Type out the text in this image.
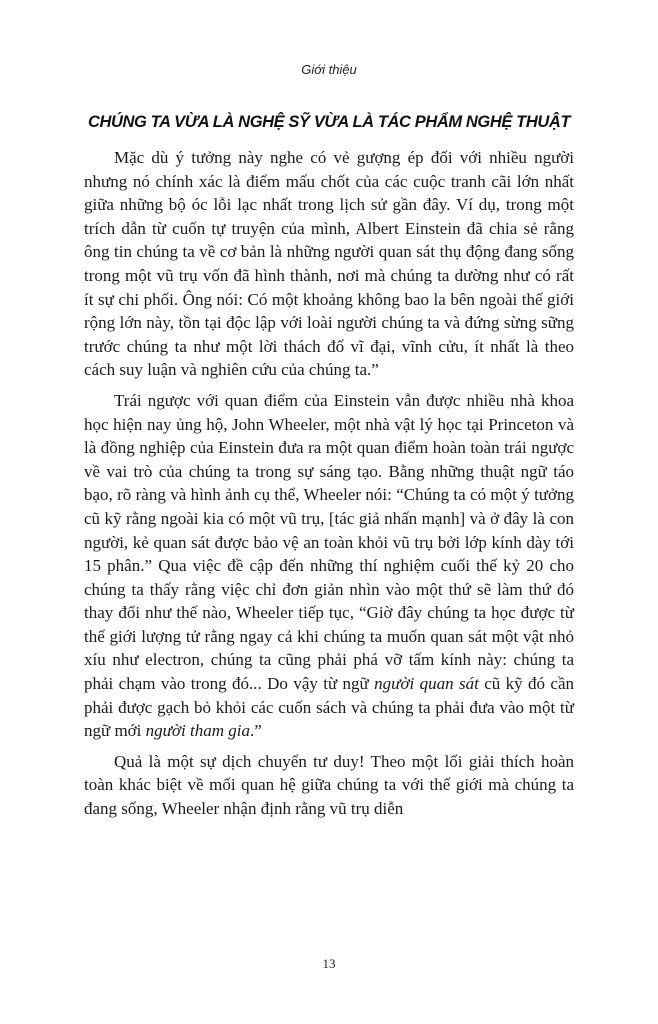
Giới thiệu
CHÚNG TA VỪA LÀ NGHỆ SỸ VỪA LÀ TÁC PHẨM NGHỆ THUẬT

Mặc dù ý tưởng này nghe có vẻ gượng ép đối với nhiều người nhưng nó chính xác là điểm mấu chốt của các cuộc tranh cãi lớn nhất giữa những bộ óc lỗi lạc nhất trong lịch sử gần đây. Ví dụ, trong một trích dẫn từ cuốn tự truyện của mình, Albert Einstein đã chia sẻ rằng ông tin chúng ta về cơ bản là những người quan sát thụ động đang sống trong một vũ trụ vốn đã hình thành, nơi mà chúng ta dường như có rất ít sự chi phối. Ông nói: Có một khoảng không bao la bên ngoài thế giới rộng lớn này, tồn tại độc lập với loài người chúng ta và đứng sừng sững trước chúng ta như một lời thách đố vĩ đại, vĩnh cửu, ít nhất là theo cách suy luận và nghiên cứu của chúng ta.”

Trái ngược với quan điểm của Einstein vẫn được nhiều nhà khoa học hiện nay ủng hộ, John Wheeler, một nhà vật lý học tại Princeton và là đồng nghiệp của Einstein đưa ra một quan điểm hoàn toàn trái ngược về vai trò của chúng ta trong sự sáng tạo. Bằng những thuật ngữ táo bạo, rõ ràng và hình ảnh cụ thể, Wheeler nói: “Chúng ta có một ý tưởng cũ kỹ rằng ngoài kia có một vũ trụ, [tác giả nhấn mạnh] và ở đây là con người, kẻ quan sát được bảo vệ an toàn khỏi vũ trụ bởi lớp kính dày tới 15 phân.” Qua việc đề cập đến những thí nghiệm cuối thế kỷ 20 cho chúng ta thấy rằng việc chỉ đơn giản nhìn vào một thứ sẽ làm thứ đó thay đổi như thế nào, Wheeler tiếp tục, “Giờ đây chúng ta học được từ thế giới lượng tử rằng ngay cả khi chúng ta muốn quan sát một vật nhỏ xíu như electron, chúng ta cũng phải phá vỡ tấm kính này: chúng ta phải chạm vào trong đó... Do vậy từ ngữ người quan sát cũ kỹ đó cần phải được gạch bỏ khỏi các cuốn sách và chúng ta phải đưa vào một từ ngữ mới người tham gia.”

Quả là một sự dịch chuyển tư duy! Theo một lối giải thích hoàn toàn khác biệt về mối quan hệ giữa chúng ta với thế giới mà chúng ta đang sống, Wheeler nhận định rằng vũ trụ diễn

13
